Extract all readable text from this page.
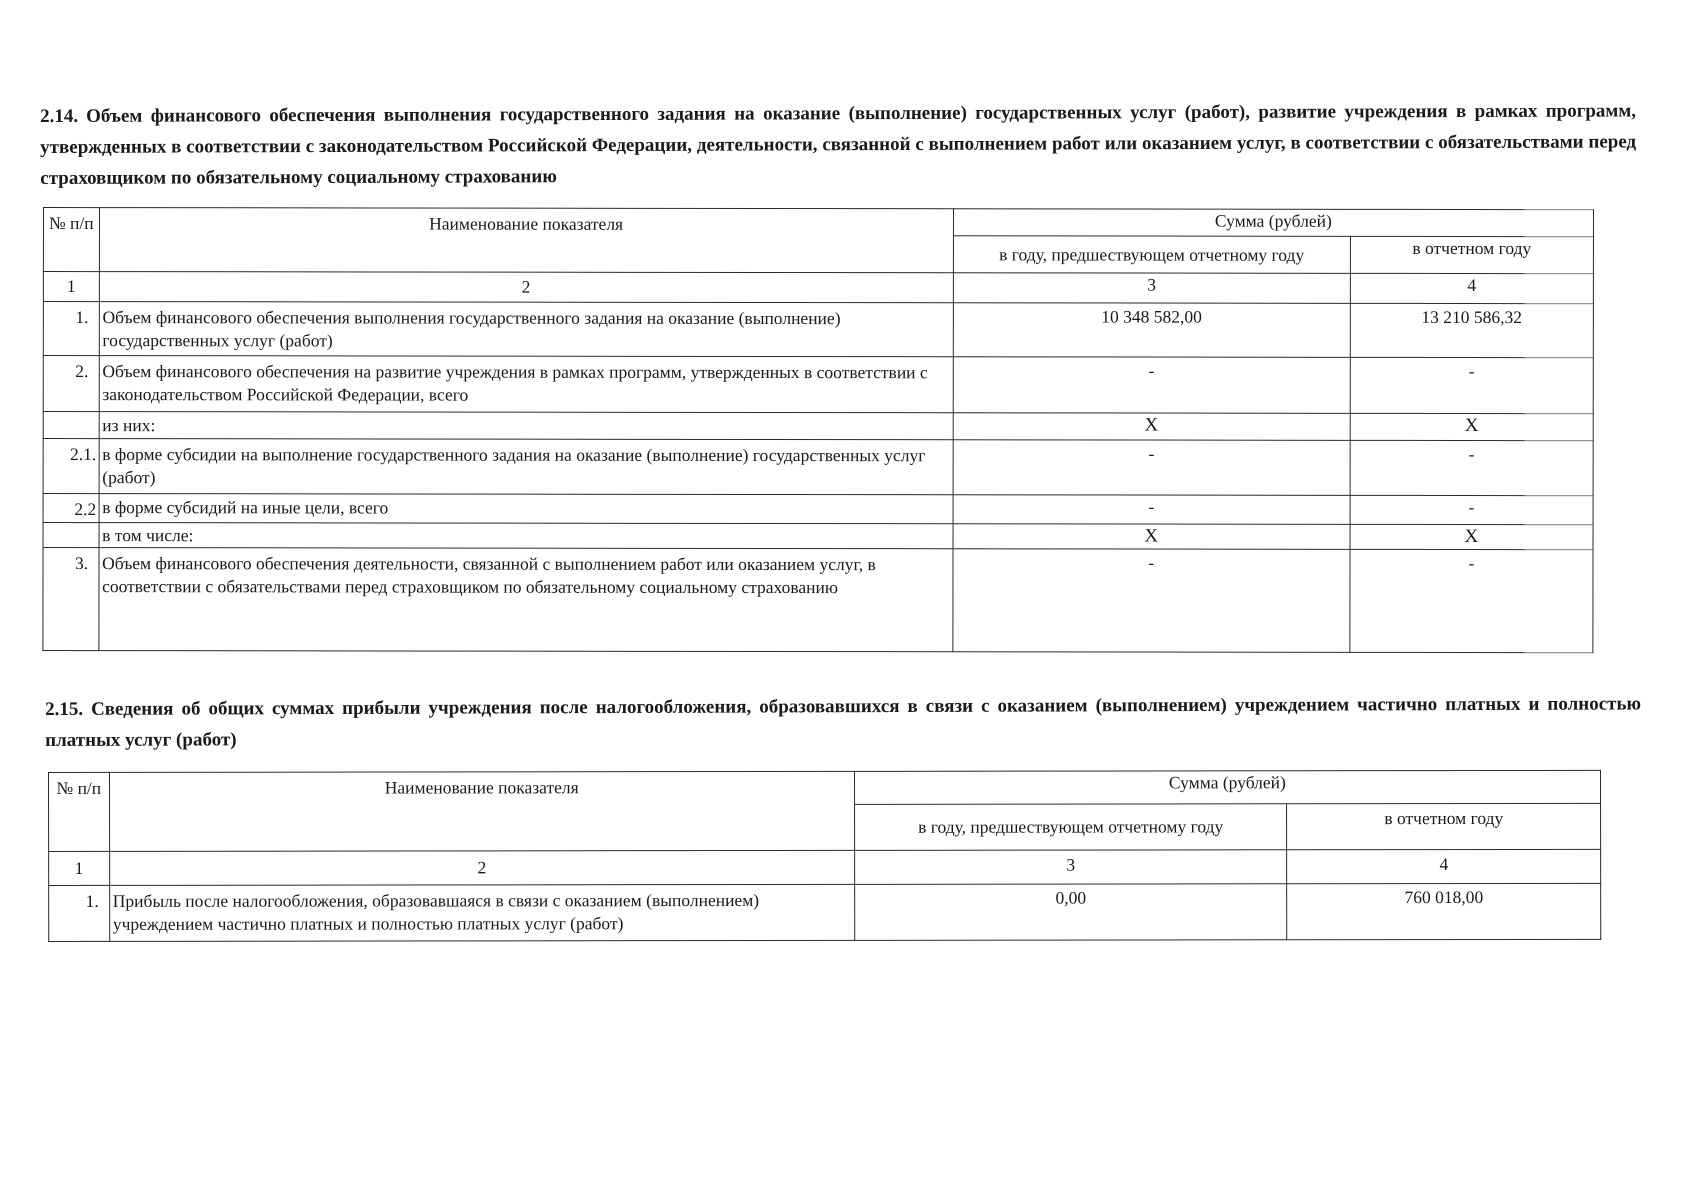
2.14. Объем финансового обеспечения выполнения государственного задания на оказание (выполнение) государственных услуг (работ), развитие учреждения в рамках программ, утвержденных в соответствии с законодательством Российской Федерации, деятельности, связанной с выполнением работ или оказанием услуг, в соответствии с обязательствами перед страховщиком по обязательному социальному страхованию

№ п/п	Наименование показателя	Сумма (рублей)	
		в году, предшествующем отчетному году	в отчетном году
1	2	3	4
1.	Объем финансового обеспечения выполнения государственного задания на оказание (выполнение) государственных услуг (работ)	10 348 582,00	13 210 586,32
2.	Объем финансового обеспечения на развитие учреждения в рамках программ, утвержденных в соответствии с законодательством Российской Федерации, всего	-	-
	из них:	X	X
2.1.	в форме субсидии на выполнение государственного задания на оказание (выполнение) государственных услуг (работ)	-	-
2.2	в форме субсидий на иные цели, всего	-	-
	в том числе:	X	X
3.	Объем финансового обеспечения деятельности, связанной с выполнением работ или оказанием услуг, в соответствии с обязательствами перед страховщиком по обязательному социальному страхованию	-	-

2.15. Сведения об общих суммах прибыли учреждения после налогообложения, образовавшихся в связи с оказанием (выполнением) учреждением частично платных и полностью платных услуг (работ)

№ п/п	Наименование показателя	Сумма (рублей)	
		в году, предшествующем отчетному году	в отчетном году
1	2	3	4
1.	Прибыль после налогообложения, образовавшаяся в связи с оказанием (выполнением) учреждением частично платных и полностью платных услуг (работ)	0,00	760 018,00
